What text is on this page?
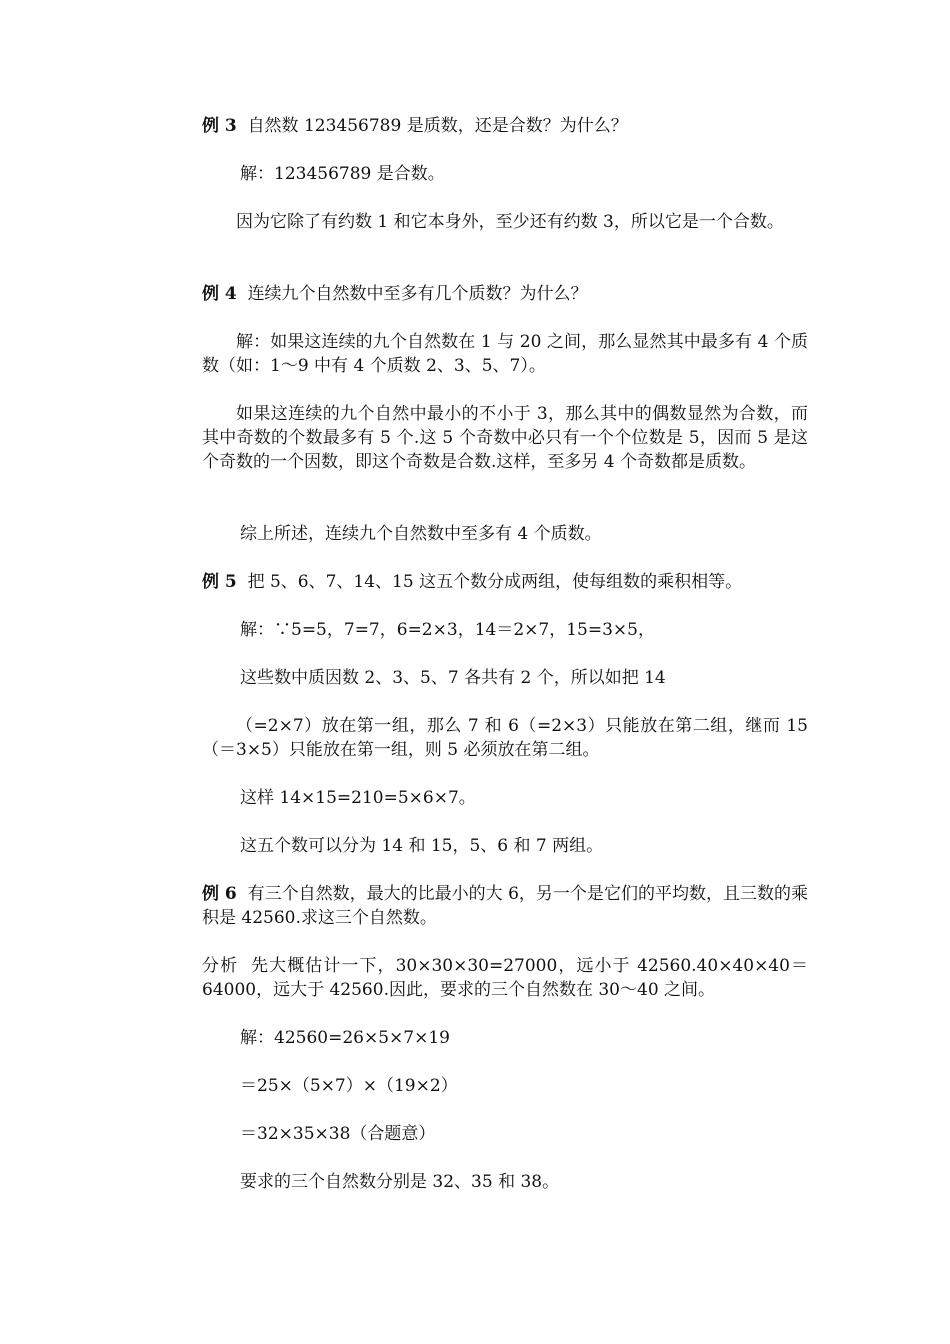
例 3 自然数 123456789 是质数，还是合数？为什么？

解：123456789 是合数。

因为它除了有约数 1 和它本身外，至少还有约数 3，所以它是一个合数。

例 4 连续九个自然数中至多有几个质数？为什么？

解：如果这连续的九个自然数在 1 与 20 之间，那么显然其中最多有 4 个质数（如：1～9 中有 4 个质数 2、3、5、7）。

如果这连续的九个自然中最小的不小于 3，那么其中的偶数显然为合数，而其中奇数的个数最多有 5 个.这 5 个奇数中必只有一个个位数是 5，因而 5 是这个奇数的一个因数，即这个奇数是合数.这样，至多另 4 个奇数都是质数。

综上所述，连续九个自然数中至多有 4 个质数。

例 5 把 5、6、7、14、15 这五个数分成两组，使每组数的乘积相等。

解：∵5=5，7=7，6=2×3，14＝2×7，15=3×5，

这些数中质因数 2、3、5、7 各共有 2 个，所以如把 14

（=2×7）放在第一组，那么 7 和 6（=2×3）只能放在第二组，继而 15（＝3×5）只能放在第一组，则 5 必须放在第二组。

这样 14×15=210=5×6×7。

这五个数可以分为 14 和 15，5、6 和 7 两组。

例 6 有三个自然数，最大的比最小的大 6，另一个是它们的平均数，且三数的乘积是 42560.求这三个自然数。

分析 先大概估计一下，30×30×30=27000，远小于 42560.40×40×40＝64000，远大于 42560.因此，要求的三个自然数在 30～40 之间。

解：42560=26×5×7×19

＝25×（5×7）×（19×2）

＝32×35×38（合题意）

要求的三个自然数分别是 32、35 和 38。
